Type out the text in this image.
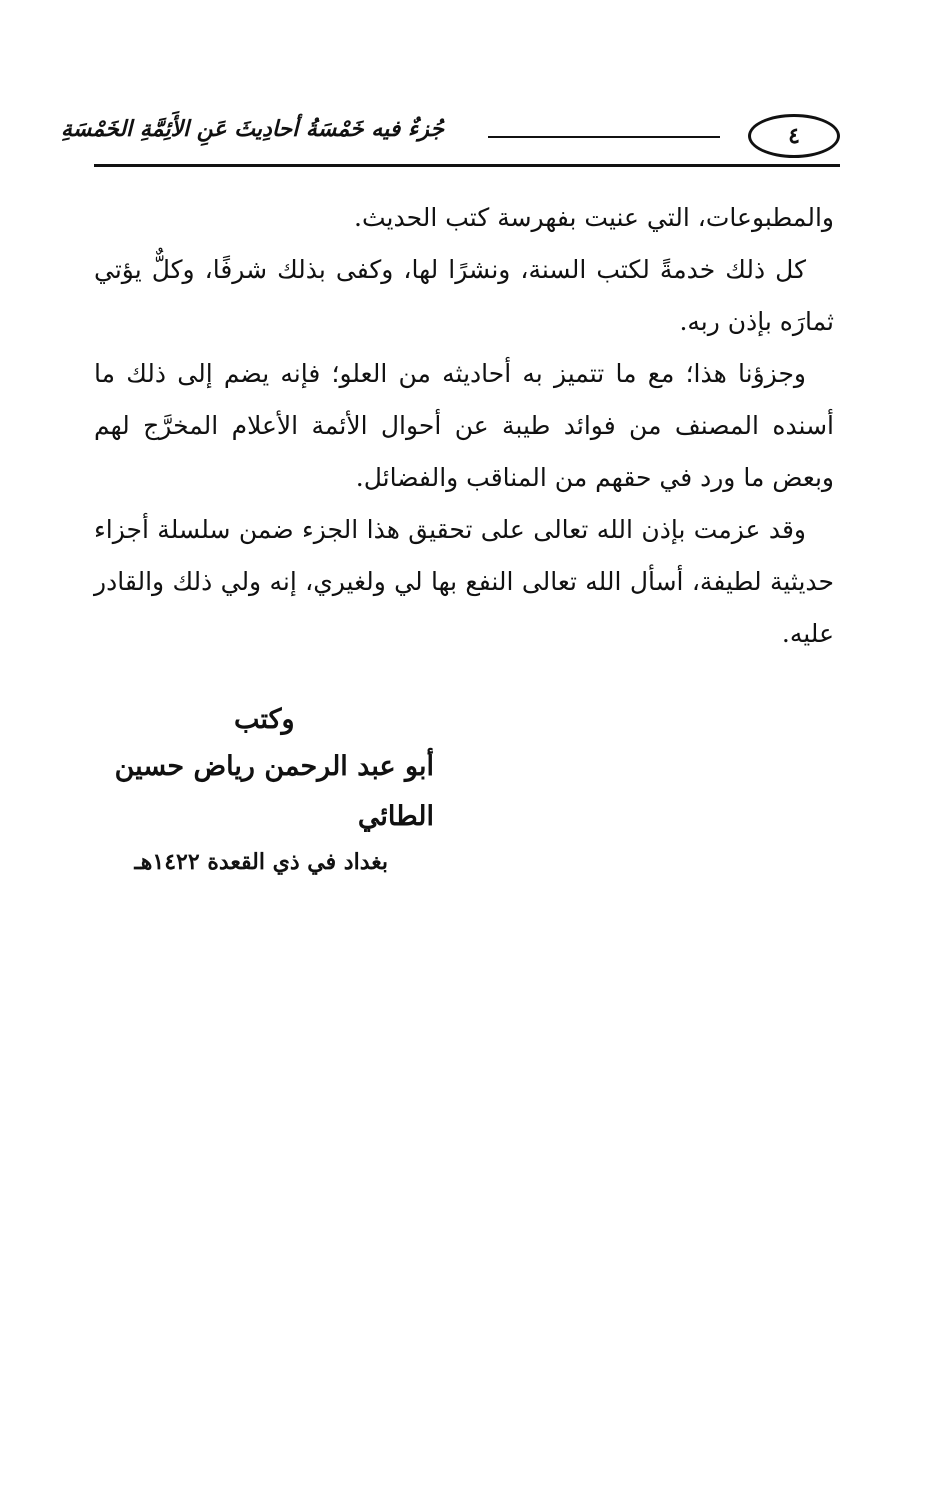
٤
جُزءٌ فيه خَمْسَةُ أحادِيثَ عَنِ الأَئِمَّةِ الخَمْسَةِ

والمطبوعات، التي عنيت بفهرسة كتب الحديث.

كل ذلك خدمةً لكتب السنة، ونشرًا لها، وكفى بذلك شرفًا، وكلٌّ يؤتي ثمارَه بإذن ربه.

وجزؤنا هذا؛ مع ما تتميز به أحاديثه من العلو؛ فإنه يضم إلى ذلك ما أسنده المصنف من فوائد طيبة عن أحوال الأئمة الأعلام المخرَّج لهم وبعض ما ورد في حقهم من المناقب والفضائل.

وقد عزمت بإذن الله تعالى على تحقيق هذا الجزء ضمن سلسلة أجزاء حديثية لطيفة، أسأل الله تعالى النفع بها لي ولغيري، إنه ولي ذلك والقادر عليه.

وكتب
أبو عبد الرحمن رياض حسين الطائي
بغداد في ذي القعدة ١٤٢٢هـ
